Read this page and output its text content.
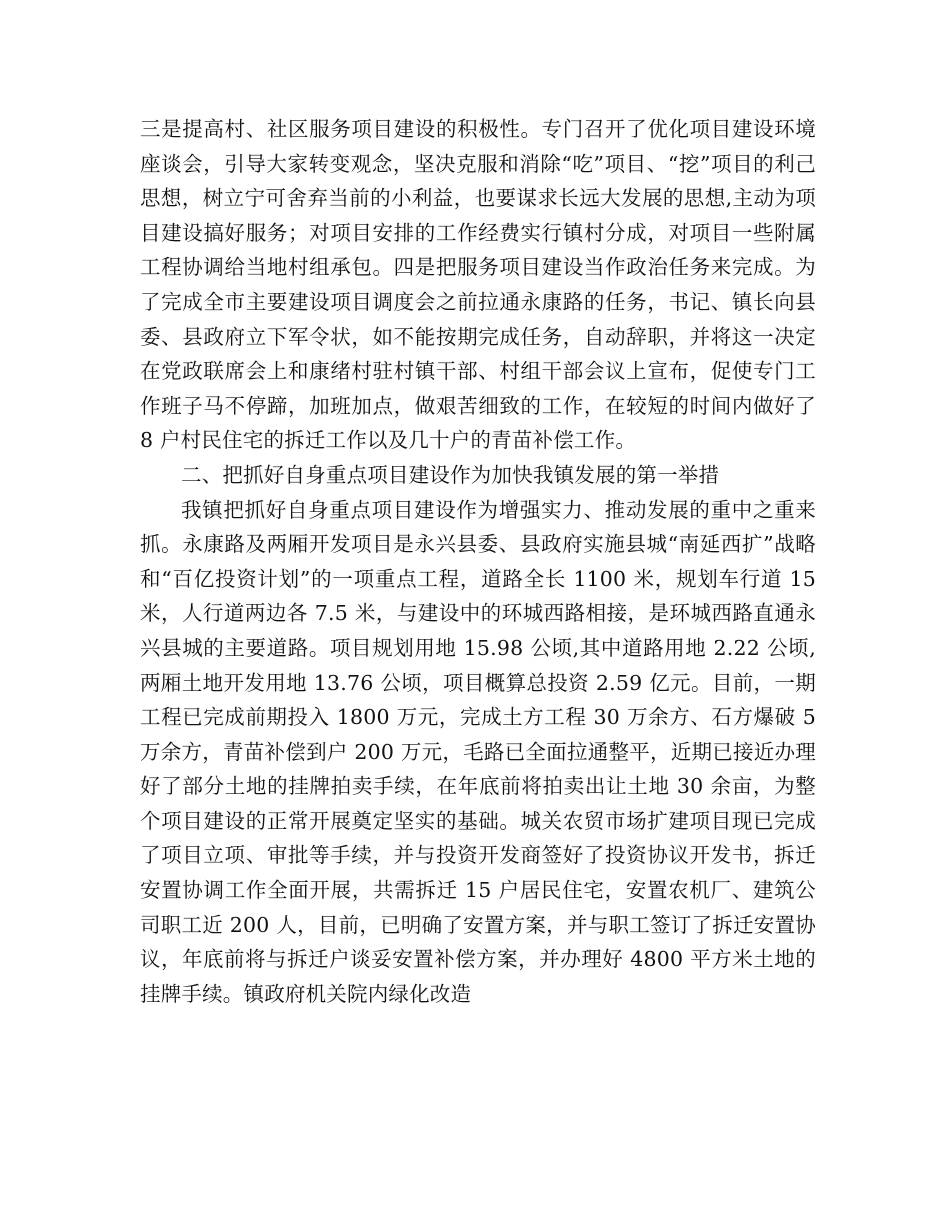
三是提高村、社区服务项目建设的积极性。专门召开了优化项目建设环境座谈会，引导大家转变观念，坚决克服和消除“吃”项目、“挖”项目的利己思想，树立宁可舍弃当前的小利益，也要谋求长远大发展的思想,主动为项目建设搞好服务；对项目安排的工作经费实行镇村分成，对项目一些附属工程协调给当地村组承包。四是把服务项目建设当作政治任务来完成。为了完成全市主要建设项目调度会之前拉通永康路的任务，书记、镇长向县委、县政府立下军令状，如不能按期完成任务，自动辞职，并将这一决定在党政联席会上和康绪村驻村镇干部、村组干部会议上宣布，促使专门工作班子马不停蹄，加班加点，做艰苦细致的工作，在较短的时间内做好了 8 户村民住宅的拆迁工作以及几十户的青苗补偿工作。

二、把抓好自身重点项目建设作为加快我镇发展的第一举措

我镇把抓好自身重点项目建设作为增强实力、推动发展的重中之重来抓。永康路及两厢开发项目是永兴县委、县政府实施县城“南延西扩”战略和“百亿投资计划”的一项重点工程，道路全长 1100 米，规划车行道 15 米，人行道两边各 7.5 米，与建设中的环城西路相接，是环城西路直通永兴县城的主要道路。项目规划用地 15.98 公顷,其中道路用地 2.22 公顷,两厢土地开发用地 13.76 公顷，项目概算总投资 2.59 亿元。目前，一期工程已完成前期投入 1800 万元，完成土方工程 30 万余方、石方爆破 5 万余方，青苗补偿到户 200 万元，毛路已全面拉通整平，近期已接近办理好了部分土地的挂牌拍卖手续，在年底前将拍卖出让土地 30 余亩，为整个项目建设的正常开展奠定坚实的基础。城关农贸市场扩建项目现已完成了项目立项、审批等手续，并与投资开发商签好了投资协议开发书，拆迁安置协调工作全面开展，共需拆迁 15 户居民住宅，安置农机厂、建筑公司职工近 200 人，目前，已明确了安置方案，并与职工签订了拆迁安置协议，年底前将与拆迁户谈妥安置补偿方案，并办理好 4800 平方米土地的挂牌手续。镇政府机关院内绿化改造
